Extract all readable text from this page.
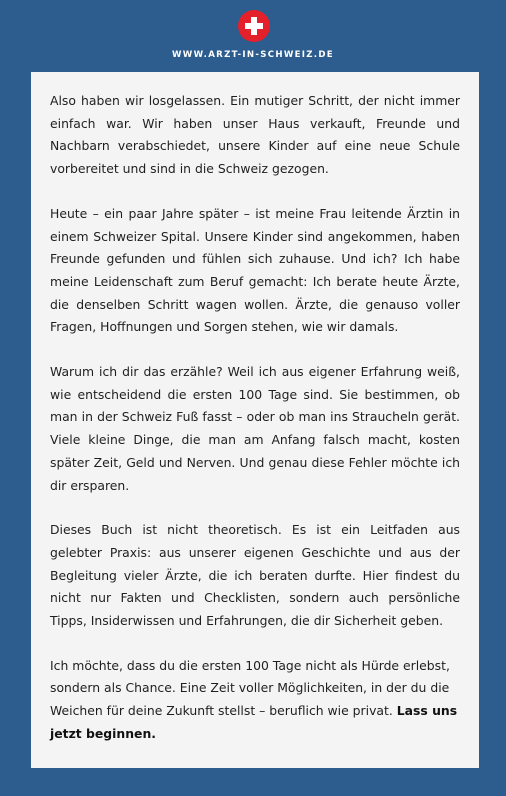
WWW.ARZT-IN-SCHWEIZ.DE

Also haben wir losgelassen. Ein mutiger Schritt, der nicht immer einfach war. Wir haben unser Haus verkauft, Freunde und Nachbarn verabschiedet, unsere Kinder auf eine neue Schule vorbereitet und sind in die Schweiz gezogen.

Heute – ein paar Jahre später – ist meine Frau leitende Ärztin in einem Schweizer Spital. Unsere Kinder sind angekommen, haben Freunde gefunden und fühlen sich zuhause. Und ich? Ich habe meine Leidenschaft zum Beruf gemacht: Ich berate heute Ärzte, die denselben Schritt wagen wollen. Ärzte, die genauso voller Fragen, Hoffnungen und Sorgen stehen, wie wir damals.

Warum ich dir das erzähle? Weil ich aus eigener Erfahrung weiß, wie entscheidend die ersten 100 Tage sind. Sie bestimmen, ob man in der Schweiz Fuß fasst – oder ob man ins Straucheln gerät. Viele kleine Dinge, die man am Anfang falsch macht, kosten später Zeit, Geld und Nerven. Und genau diese Fehler möchte ich dir ersparen.

Dieses Buch ist nicht theoretisch. Es ist ein Leitfaden aus gelebter Praxis: aus unserer eigenen Geschichte und aus der Begleitung vieler Ärzte, die ich beraten durfte. Hier findest du nicht nur Fakten und Checklisten, sondern auch persönliche Tipps, Insiderwissen und Erfahrungen, die dir Sicherheit geben.

Ich möchte, dass du die ersten 100 Tage nicht als Hürde erlebst, sondern als Chance. Eine Zeit voller Möglichkeiten, in der du die Weichen für deine Zukunft stellst – beruflich wie privat. Lass uns jetzt beginnen.
